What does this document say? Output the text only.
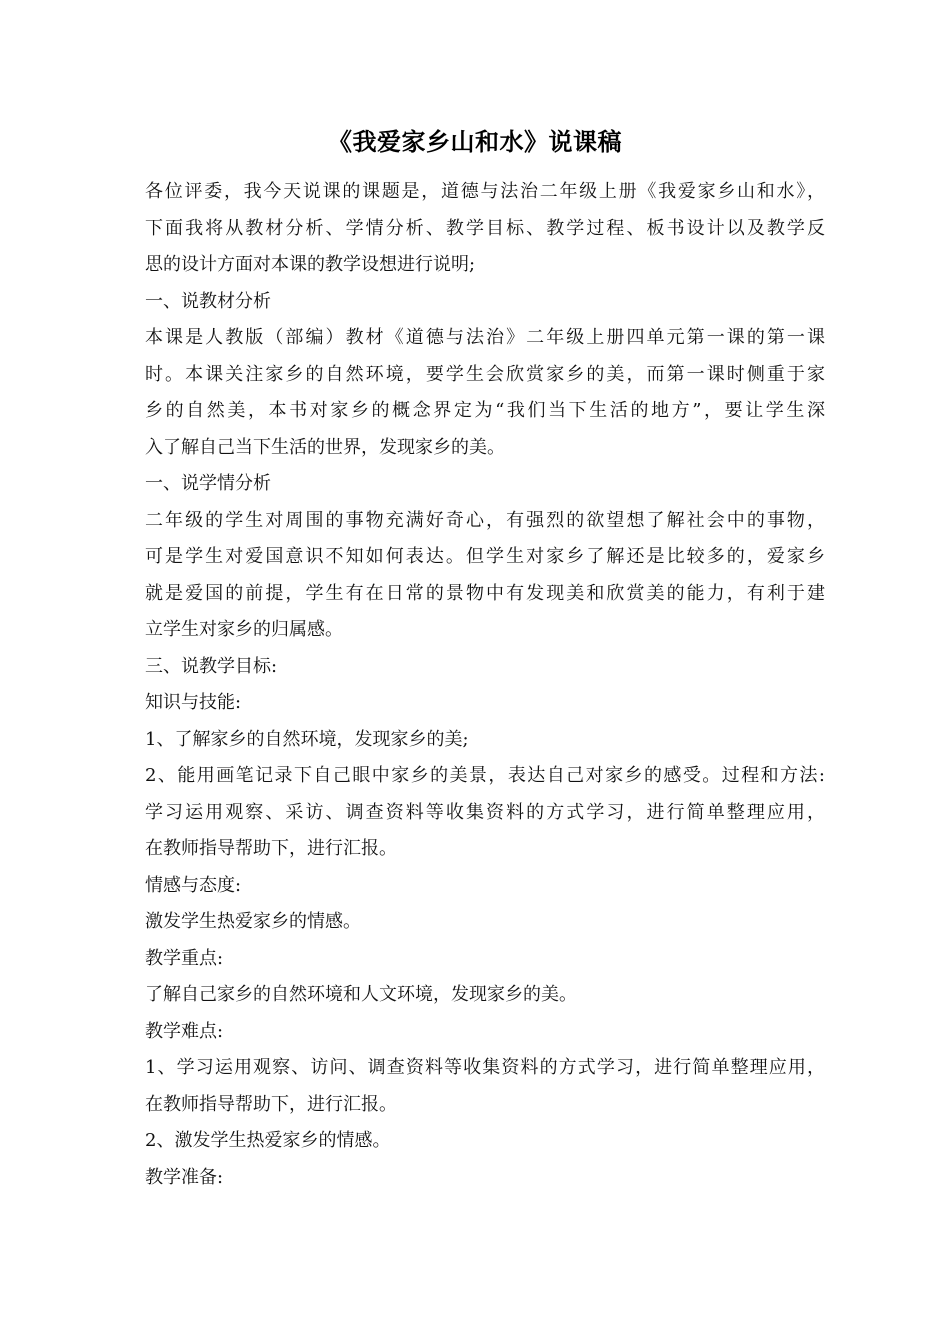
《我爱家乡山和水》说课稿
各位评委，我今天说课的课题是，道德与法治二年级上册《我爱家乡山和水》，
下面我将从教材分析、学情分析、教学目标、教学过程、板书设计以及教学反
思的设计方面对本课的教学设想进行说明;
一、说教材分析
本课是人教版（部编）教材《道德与法治》二年级上册四单元第一课的第一课
时。本课关注家乡的自然环境，要学生会欣赏家乡的美，而第一课时侧重于家
乡的自然美，本书对家乡的概念界定为“我们当下生活的地方”，要让学生深
入了解自己当下生活的世界，发现家乡的美。
一、说学情分析
二年级的学生对周围的事物充满好奇心，有强烈的欲望想了解社会中的事物，
可是学生对爱国意识不知如何表达。但学生对家乡了解还是比较多的，爱家乡
就是爱国的前提，学生有在日常的景物中有发现美和欣赏美的能力，有利于建
立学生对家乡的归属感。
三、说教学目标:
知识与技能:
1、了解家乡的自然环境，发现家乡的美;
2、能用画笔记录下自己眼中家乡的美景，表达自己对家乡的感受。过程和方法:
学习运用观察、采访、调查资料等收集资料的方式学习，进行简单整理应用，
在教师指导帮助下，进行汇报。
情感与态度:
激发学生热爱家乡的情感。
教学重点:
了解自己家乡的自然环境和人文环境，发现家乡的美。
教学难点:
1、学习运用观察、访问、调查资料等收集资料的方式学习，进行简单整理应用，
在教师指导帮助下，进行汇报。
2、激发学生热爱家乡的情感。
教学准备:
